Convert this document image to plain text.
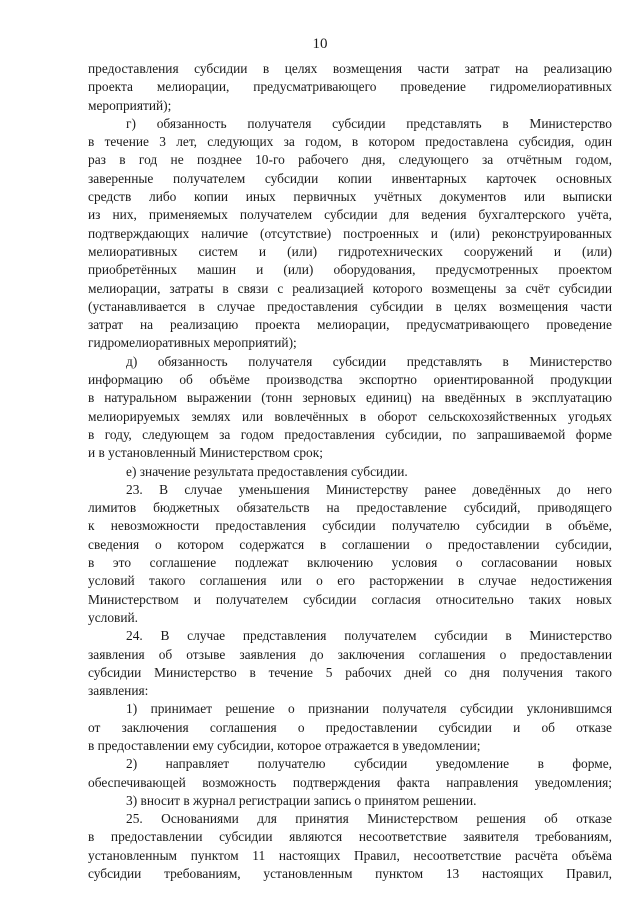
10
предоставления субсидии в целях возмещения части затрат на реализацию
проекта мелиорации, предусматривающего проведение гидромелиоративных
мероприятий);
г) обязанность получателя субсидии представлять в Министерство
в течение 3 лет, следующих за годом, в котором предоставлена субсидия, один
раз в год не позднее 10-го рабочего дня, следующего за отчётным годом,
заверенные получателем субсидии копии инвентарных карточек основных
средств либо копии иных первичных учётных документов или выписки
из них, применяемых получателем субсидии для ведения бухгалтерского учёта,
подтверждающих наличие (отсутствие) построенных и (или) реконструированных
мелиоративных систем и (или) гидротехнических сооружений и (или)
приобретённых машин и (или) оборудования, предусмотренных проектом
мелиорации, затраты в связи с реализацией которого возмещены за счёт субсидии
(устанавливается в случае предоставления субсидии в целях возмещения части
затрат на реализацию проекта мелиорации, предусматривающего проведение
гидромелиоративных мероприятий);
д) обязанность получателя субсидии представлять в Министерство
информацию об объёме производства экспортно ориентированной продукции
в натуральном выражении (тонн зерновых единиц) на введённых в эксплуатацию
мелиорируемых землях или вовлечённых в оборот сельскохозяйственных угодьях
в году, следующем за годом предоставления субсидии, по запрашиваемой форме
и в установленный Министерством срок;
е) значение результата предоставления субсидии.
23. В случае уменьшения Министерству ранее доведённых до него
лимитов бюджетных обязательств на предоставление субсидий, приводящего
к невозможности предоставления субсидии получателю субсидии в объёме,
сведения о котором содержатся в соглашении о предоставлении субсидии,
в это соглашение подлежат включению условия о согласовании новых
условий такого соглашения или о его расторжении в случае недостижения
Министерством и получателем субсидии согласия относительно таких новых
условий.
24. В случае представления получателем субсидии в Министерство
заявления об отзыве заявления до заключения соглашения о предоставлении
субсидии Министерство в течение 5 рабочих дней со дня получения такого
заявления:
1) принимает решение о признании получателя субсидии уклонившимся
от заключения соглашения о предоставлении субсидии и об отказе
в предоставлении ему субсидии, которое отражается в уведомлении;
2) направляет получателю субсидии уведомление в форме,
обеспечивающей возможность подтверждения факта направления уведомления;
3) вносит в журнал регистрации запись о принятом решении.
25. Основаниями для принятия Министерством решения об отказе
в предоставлении субсидии являются несоответствие заявителя требованиям,
установленным пунктом 11 настоящих Правил, несоответствие расчёта объёма
субсидии требованиям, установленным пунктом 13 настоящих Правил,
